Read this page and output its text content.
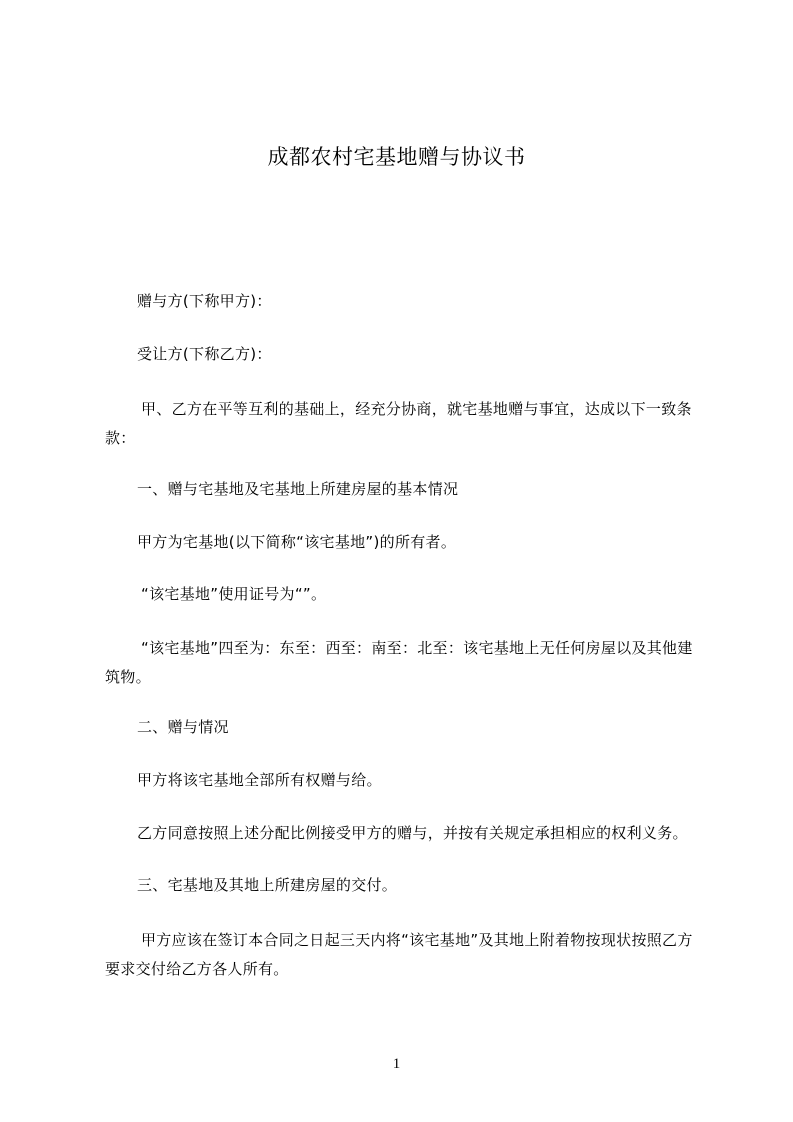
成都农村宅基地赠与协议书

赠与方(下称甲方)：

受让方(下称乙方)：

甲、乙方在平等互利的基础上，经充分协商，就宅基地赠与事宜，达成以下一致条款：

一、赠与宅基地及宅基地上所建房屋的基本情况

甲方为宅基地(以下简称“该宅基地”)的所有者。

“该宅基地”使用证号为“”。

“该宅基地”四至为：东至：西至：南至：北至：该宅基地上无任何房屋以及其他建筑物。

二、赠与情况

甲方将该宅基地全部所有权赠与给。

乙方同意按照上述分配比例接受甲方的赠与，并按有关规定承担相应的权利义务。

三、宅基地及其地上所建房屋的交付。

甲方应该在签订本合同之日起三天内将“该宅基地”及其地上附着物按现状按照乙方要求交付给乙方各人所有。

1
